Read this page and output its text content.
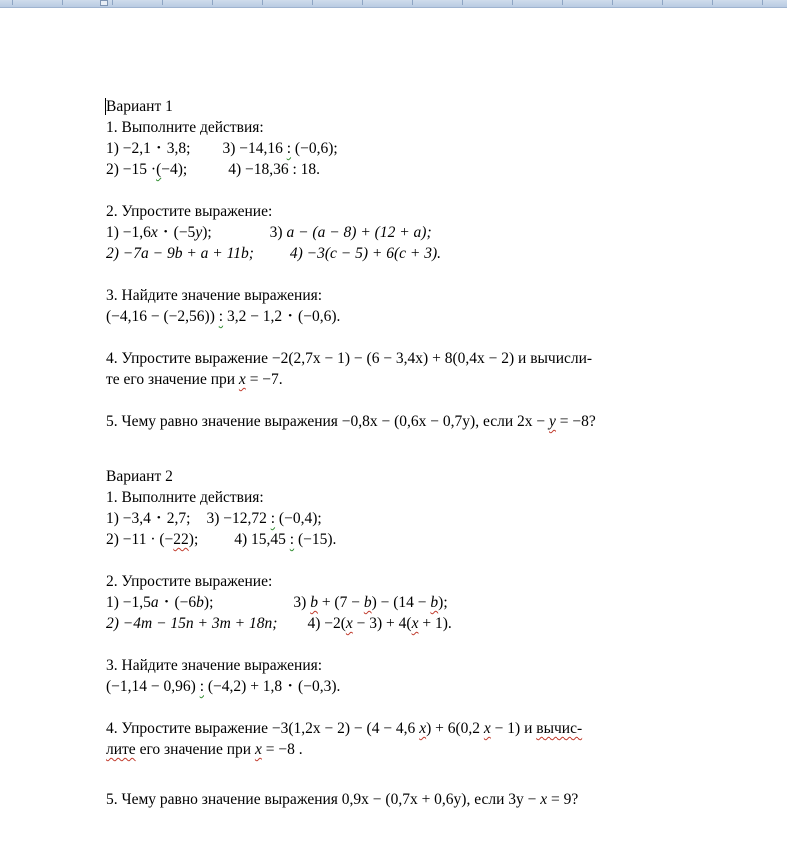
Вариант 1
1. Выполните действия:
1) −2,1 • 3,8; 3) −14,16 : (−0,6);
2) −15 ·(−4);	4) −18,36 : 18.
2. Упростите выражение:
1) −1,6x • (−5y);	3) a − (a − 8) + (12 + a);
2) −7a − 9b + a + 11b; 4) −3(c − 5) + 6(c + 3).
3. Найдите значение выражения:
(−4,16 − (−2,56)) : 3,2 − 1,2 • (−0,6).
4. Упростите выражение −2(2,7x − 1) − (6 − 3,4x) + 8(0,4x − 2) и вычисли-
те его значение при x = −7.
5. Чему равно значение выражения −0,8x − (0,6x − 0,7y), если 2x − y = −8?
Вариант 2
1. Выполните действия:
1) −3,4 • 2,7; 3) −12,72 : (−0,4);
2) −11 · (−22); 4) 15,45 : (−15).
2. Упростите выражение:
1) −1,5a • (−6b);	3) b + (7 − b) − (14 − b);
2) −4m − 15n + 3m + 18n; 4) −2(x − 3) + 4(x + 1).
3. Найдите значение выражения:
(−1,14 − 0,96) : (−4,2) + 1,8 • (−0,3).
4. Упростите выражение −3(1,2x − 2) − (4 − 4,6 x) + 6(0,2 x − 1) и вычис-
лите его значение при x = −8 .
5. Чему равно значение выражения 0,9x − (0,7x + 0,6y), если 3y − x = 9?
